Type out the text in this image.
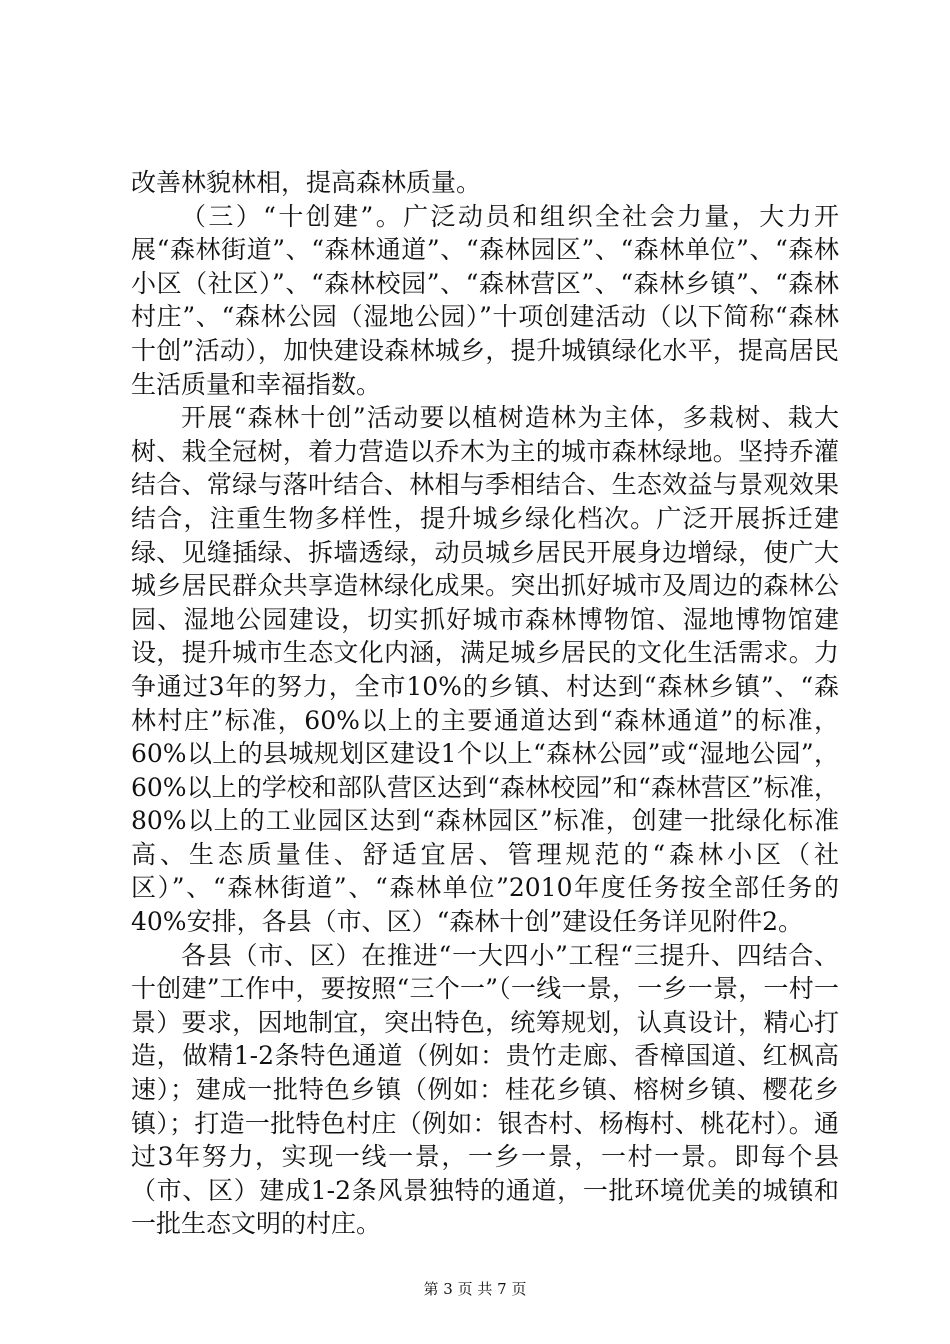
改善林貌林相，提高森林质量。

（三）“十创建”。广泛动员和组织全社会力量，大力开展“森林街道”、“森林通道”、“森林园区”、“森林单位”、“森林小区（社区）”、“森林校园”、“森林营区”、“森林乡镇”、“森林村庄”、“森林公园（湿地公园）”十项创建活动（以下简称“森林十创”活动），加快建设森林城乡，提升城镇绿化水平，提高居民生活质量和幸福指数。

开展“森林十创”活动要以植树造林为主体，多栽树、栽大树、栽全冠树，着力营造以乔木为主的城市森林绿地。坚持乔灌结合、常绿与落叶结合、林相与季相结合、生态效益与景观效果结合，注重生物多样性，提升城乡绿化档次。广泛开展拆迁建绿、见缝插绿、拆墙透绿，动员城乡居民开展身边增绿，使广大城乡居民群众共享造林绿化成果。突出抓好城市及周边的森林公园、湿地公园建设，切实抓好城市森林博物馆、湿地博物馆建设，提升城市生态文化内涵，满足城乡居民的文化生活需求。力争通过3年的努力，全市10%的乡镇、村达到“森林乡镇”、“森林村庄”标准，60%以上的主要通道达到“森林通道”的标准，60%以上的县城规划区建设1个以上“森林公园”或“湿地公园”，60%以上的学校和部队营区达到“森林校园”和“森林营区”标准，80%以上的工业园区达到“森林园区”标准，创建一批绿化标准高、生态质量佳、舒适宜居、管理规范的“森林小区（社区）”、“森林街道”、“森林单位”2010年度任务按全部任务的40%安排，各县（市、区）“森林十创”建设任务详见附件2。

各县（市、区）在推进“一大四小”工程“三提升、四结合、十创建”工作中，要按照“三个一”（一线一景，一乡一景，一村一景）要求，因地制宜，突出特色，统筹规划，认真设计，精心打造，做精1-2条特色通道（例如：贵竹走廊、香樟国道、红枫高速）；建成一批特色乡镇（例如：桂花乡镇、榕树乡镇、樱花乡镇）；打造一批特色村庄（例如：银杏村、杨梅村、桃花村）。通过3年努力，实现一线一景，一乡一景，一村一景。即每个县（市、区）建成1-2条风景独特的通道，一批环境优美的城镇和一批生态文明的村庄。

第 3 页 共 7 页
